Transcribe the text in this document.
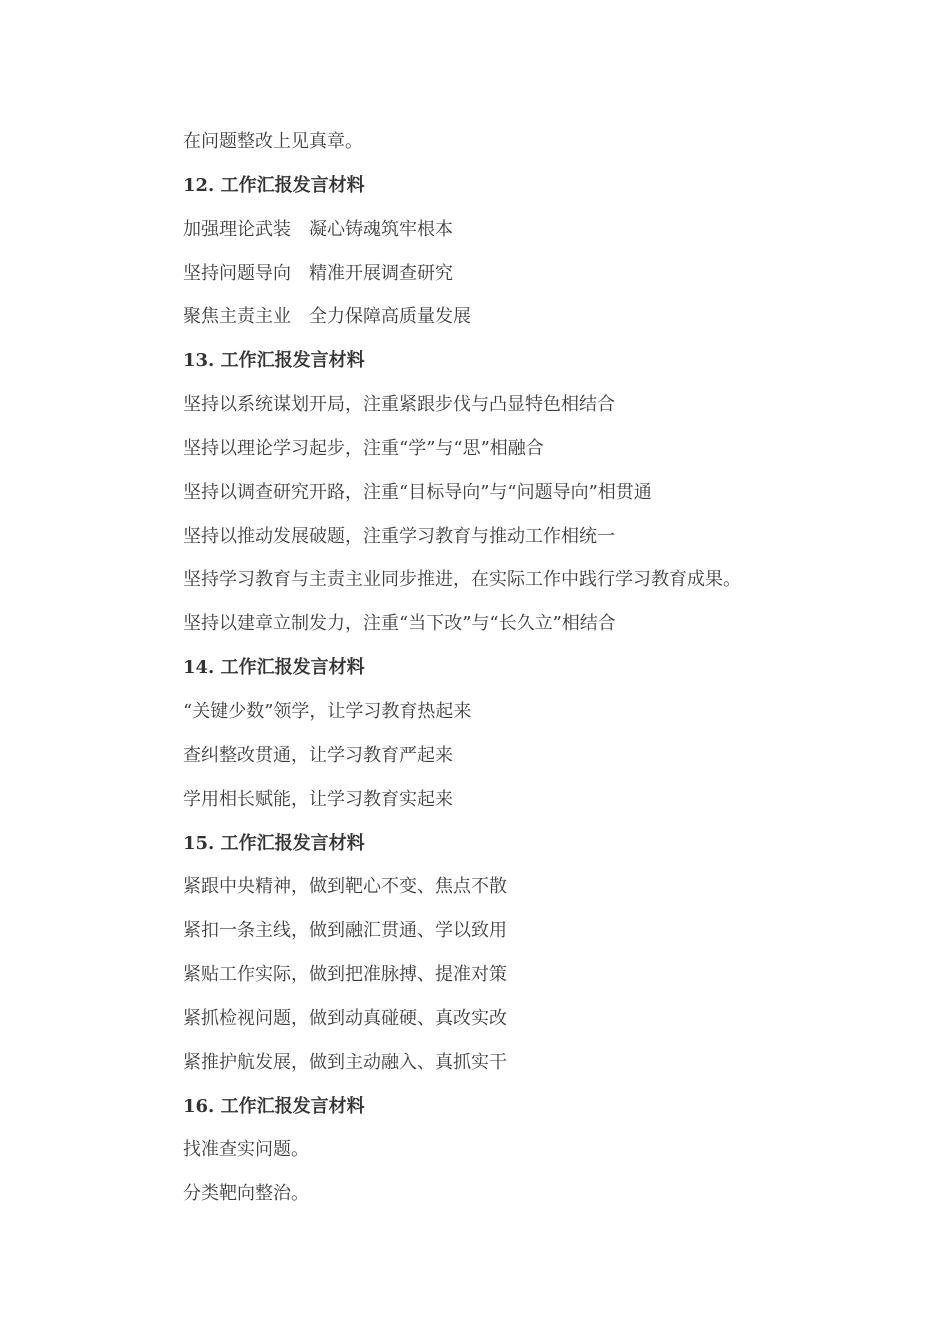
在问题整改上见真章。
12. 工作汇报发言材料
加强理论武装　凝心铸魂筑牢根本
坚持问题导向　精准开展调查研究
聚焦主责主业　全力保障高质量发展
13. 工作汇报发言材料
坚持以系统谋划开局，注重紧跟步伐与凸显特色相结合
坚持以理论学习起步，注重“学”与“思”相融合
坚持以调查研究开路，注重“目标导向”与“问题导向”相贯通
坚持以推动发展破题，注重学习教育与推动工作相统一
坚持学习教育与主责主业同步推进，在实际工作中践行学习教育成果。
坚持以建章立制发力，注重“当下改”与“长久立”相结合
14. 工作汇报发言材料
“关键少数”领学，让学习教育热起来
查纠整改贯通，让学习教育严起来
学用相长赋能，让学习教育实起来
15. 工作汇报发言材料
紧跟中央精神，做到靶心不变、焦点不散
紧扣一条主线，做到融汇贯通、学以致用
紧贴工作实际，做到把准脉搏、提准对策
紧抓检视问题，做到动真碰硬、真改实改
紧推护航发展，做到主动融入、真抓实干
16. 工作汇报发言材料
找准查实问题。
分类靶向整治。
